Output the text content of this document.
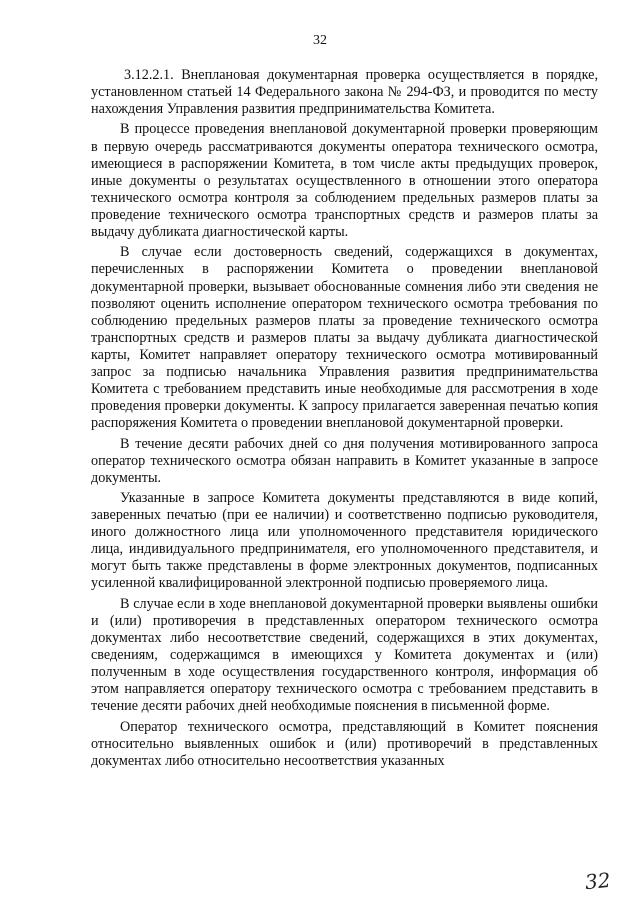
32

3.12.2.1. Внеплановая документарная проверка осуществляется в порядке, установленном статьей 14 Федерального закона № 294-ФЗ, и проводится по месту нахождения Управления развития предпринимательства Комитета.

В процессе проведения внеплановой документарной проверки проверяющим в первую очередь рассматриваются документы оператора технического осмотра, имеющиеся в распоряжении Комитета, в том числе акты предыдущих проверок, иные документы о результатах осуществленного в отношении этого оператора технического осмотра контроля за соблюдением предельных размеров платы за проведение технического осмотра транспортных средств и размеров платы за выдачу дубликата диагностической карты.

В случае если достоверность сведений, содержащихся в документах, перечисленных в распоряжении Комитета о проведении внеплановой документарной проверки, вызывает обоснованные сомнения либо эти сведения не позволяют оценить исполнение оператором технического осмотра требования по соблюдению предельных размеров платы за проведение технического осмотра транспортных средств и размеров платы за выдачу дубликата диагностической карты, Комитет направляет оператору технического осмотра мотивированный запрос за подписью начальника Управления развития предпринимательства Комитета с требованием представить иные необходимые для рассмотрения в ходе проведения проверки документы. К запросу прилагается заверенная печатью копия распоряжения Комитета о проведении внеплановой документарной проверки.

В течение десяти рабочих дней со дня получения мотивированного запроса оператор технического осмотра обязан направить в Комитет указанные в запросе документы.

Указанные в запросе Комитета документы представляются в виде копий, заверенных печатью (при ее наличии) и соответственно подписью руководителя, иного должностного лица или уполномоченного представителя юридического лица, индивидуального предпринимателя, его уполномоченного представителя, и могут быть также представлены в форме электронных документов, подписанных усиленной квалифицированной электронной подписью проверяемого лица.

В случае если в ходе внеплановой документарной проверки выявлены ошибки и (или) противоречия в представленных оператором технического осмотра документах либо несоответствие сведений, содержащихся в этих документах, сведениям, содержащимся в имеющихся у Комитета документах и (или) полученным в ходе осуществления государственного контроля, информация об этом направляется оператору технического осмотра с требованием представить в течение десяти рабочих дней необходимые пояснения в письменной форме.

Оператор технического осмотра, представляющий в Комитет пояснения относительно выявленных ошибок и (или) противоречий в представленных документах либо относительно несоответствия указанных

32
